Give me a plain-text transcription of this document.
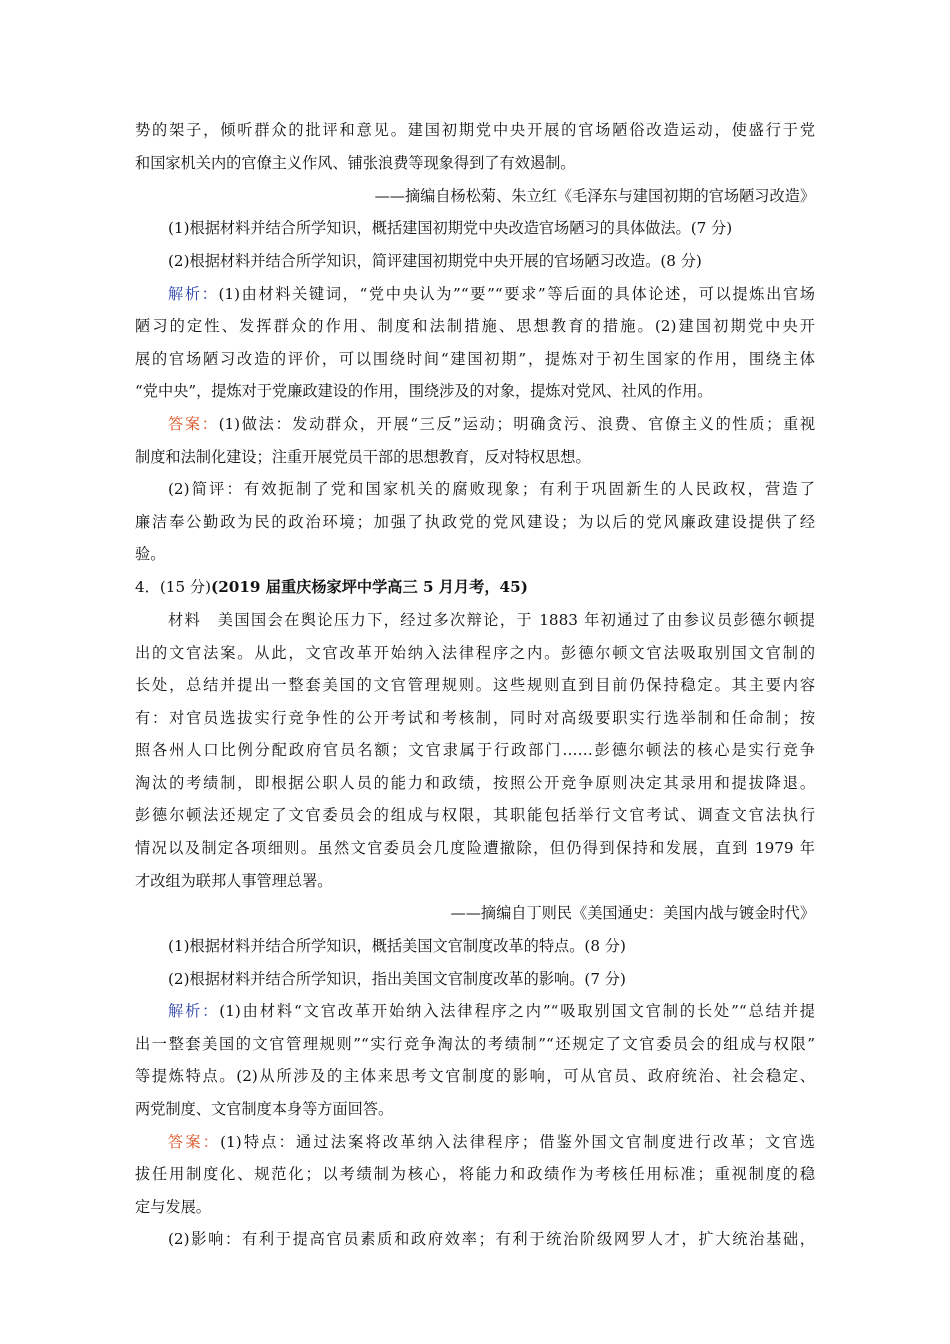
势的架子，倾听群众的批评和意见。建国初期党中央开展的官场陋俗改造运动，使盛行于党
和国家机关内的官僚主义作风、铺张浪费等现象得到了有效遏制。
——摘编自杨松菊、朱立红《毛泽东与建国初期的官场陋习改造》
(1)根据材料并结合所学知识，概括建国初期党中央改造官场陋习的具体做法。(7 分)
(2)根据材料并结合所学知识，简评建国初期党中央开展的官场陋习改造。(8 分)
解析：(1)由材料关键词，“党中央认为”“要”“要求”等后面的具体论述，可以提炼出官场
陋习的定性、发挥群众的作用、制度和法制措施、思想教育的措施。(2)建国初期党中央开
展的官场陋习改造的评价，可以围绕时间“建国初期”，提炼对于初生国家的作用，围绕主体
“党中央”，提炼对于党廉政建设的作用，围绕涉及的对象，提炼对党风、社风的作用。
答案：(1)做法：发动群众，开展“三反”运动；明确贪污、浪费、官僚主义的性质；重视
制度和法制化建设；注重开展党员干部的思想教育，反对特权思想。
(2)简评：有效扼制了党和国家机关的腐败现象；有利于巩固新生的人民政权，营造了
廉洁奉公勤政为民的政治环境；加强了执政党的党风建设；为以后的党风廉政建设提供了经
验。
4．(15 分)(2019 届重庆杨家坪中学高三 5 月月考，45)
材料　美国国会在舆论压力下，经过多次辩论，于 1883 年初通过了由参议员彭德尔顿提
出的文官法案。从此，文官改革开始纳入法律程序之内。彭德尔顿文官法吸取别国文官制的
长处，总结并提出一整套美国的文官管理规则。这些规则直到目前仍保持稳定。其主要内容
有：对官员选拔实行竞争性的公开考试和考核制，同时对高级要职实行选举制和任命制；按
照各州人口比例分配政府官员名额；文官隶属于行政部门……彭德尔顿法的核心是实行竞争
淘汰的考绩制，即根据公职人员的能力和政绩，按照公开竞争原则决定其录用和提拔降退。
彭德尔顿法还规定了文官委员会的组成与权限，其职能包括举行文官考试、调查文官法执行
情况以及制定各项细则。虽然文官委员会几度险遭撤除，但仍得到保持和发展，直到 1979 年
才改组为联邦人事管理总署。
——摘编自丁则民《美国通史：美国内战与镀金时代》
(1)根据材料并结合所学知识，概括美国文官制度改革的特点。(8 分)
(2)根据材料并结合所学知识，指出美国文官制度改革的影响。(7 分)
解析：(1)由材料“文官改革开始纳入法律程序之内”“吸取别国文官制的长处”“总结并提
出一整套美国的文官管理规则”“实行竞争淘汰的考绩制”“还规定了文官委员会的组成与权限”
等提炼特点。(2)从所涉及的主体来思考文官制度的影响，可从官员、政府统治、社会稳定、
两党制度、文官制度本身等方面回答。
答案：(1)特点：通过法案将改革纳入法律程序；借鉴外国文官制度进行改革；文官选
拔任用制度化、规范化；以考绩制为核心，将能力和政绩作为考核任用标准；重视制度的稳
定与发展。
(2)影响：有利于提高官员素质和政府效率；有利于统治阶级网罗人才，扩大统治基础，
